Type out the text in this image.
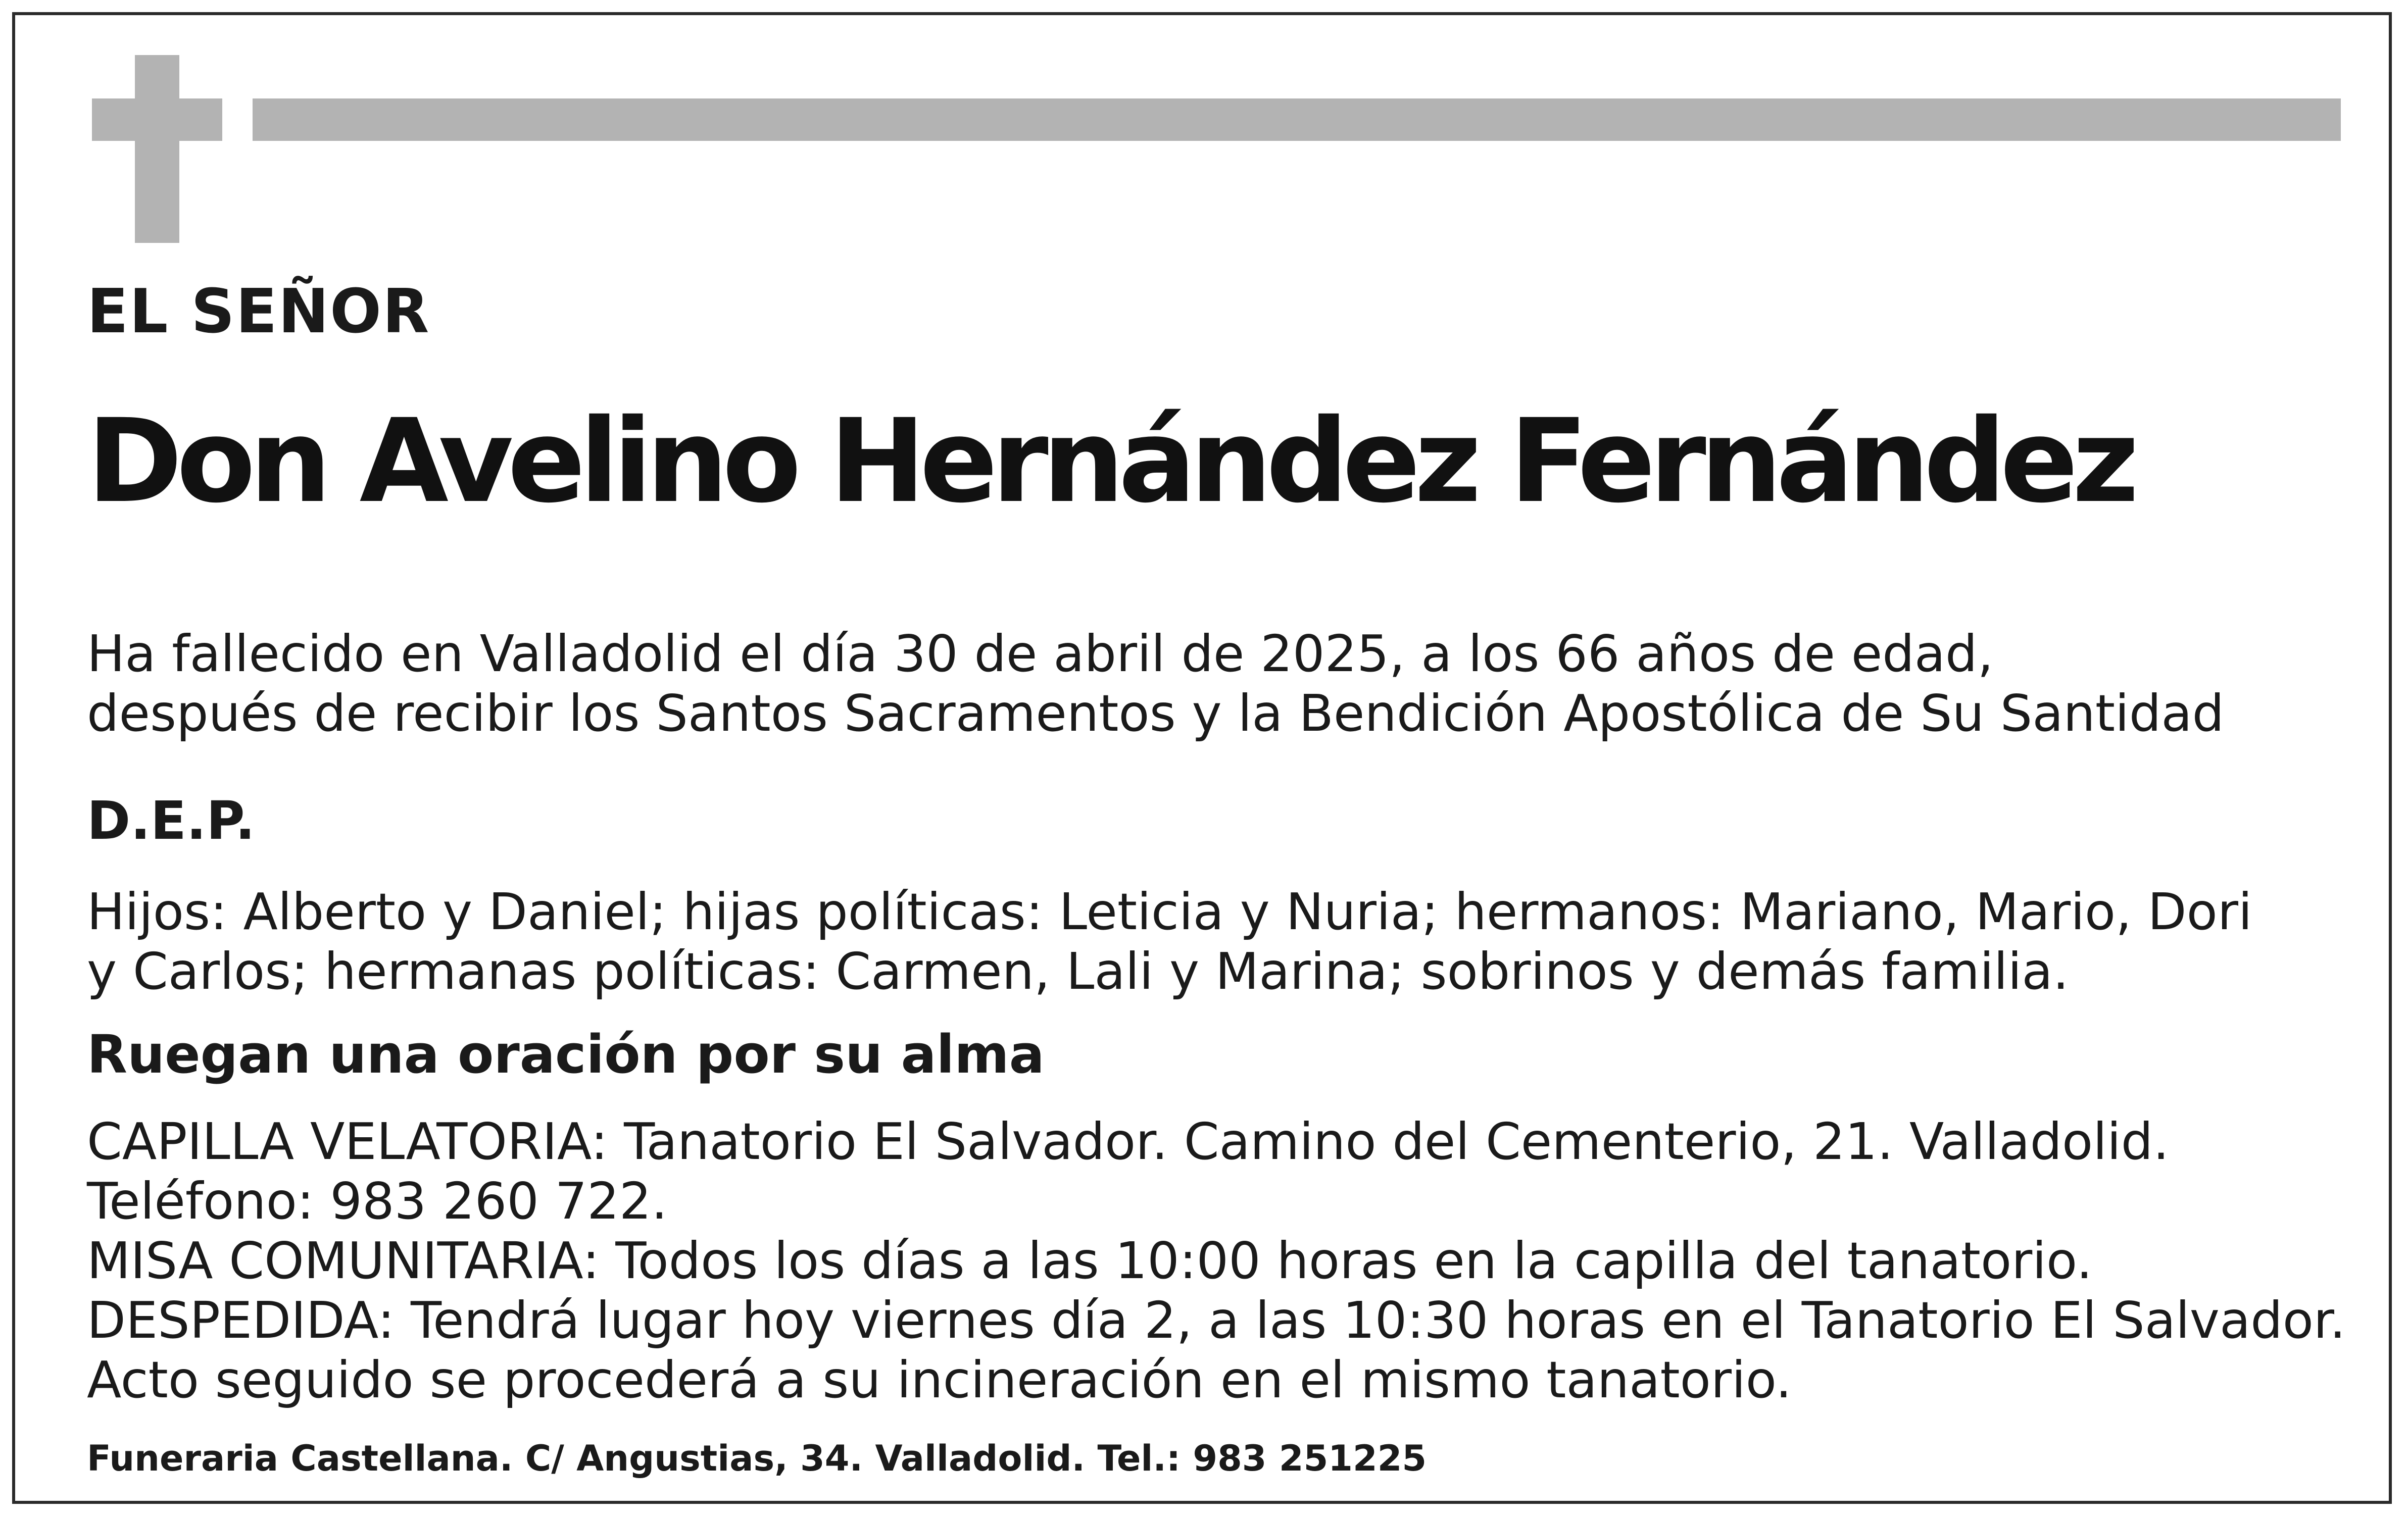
EL SEÑOR

Don Avelino Hernández Fernández

Ha fallecido en Valladolid el día 30 de abril de 2025, a los 66 años de edad,

después de recibir los Santos Sacramentos y la Bendición Apostólica de Su Santidad

D.E.P.

Hijos: Alberto y Daniel; hijas políticas: Leticia y Nuria; hermanos: Mariano, Mario, Dori

y Carlos; hermanas políticas: Carmen, Lali y Marina; sobrinos y demás familia.

Ruegan una oración por su alma

CAPILLA VELATORIA: Tanatorio El Salvador. Camino del Cementerio, 21. Valladolid.

Teléfono: 983 260 722.

MISA COMUNITARIA: Todos los días a las 10:00 horas en la capilla del tanatorio.

DESPEDIDA: Tendrá lugar hoy viernes día 2, a las 10:30 horas en el Tanatorio El Salvador.

Acto seguido se procederá a su incineración en el mismo tanatorio.

Funeraria Castellana. C/ Angustias, 34. Valladolid. Tel.: 983 251225
